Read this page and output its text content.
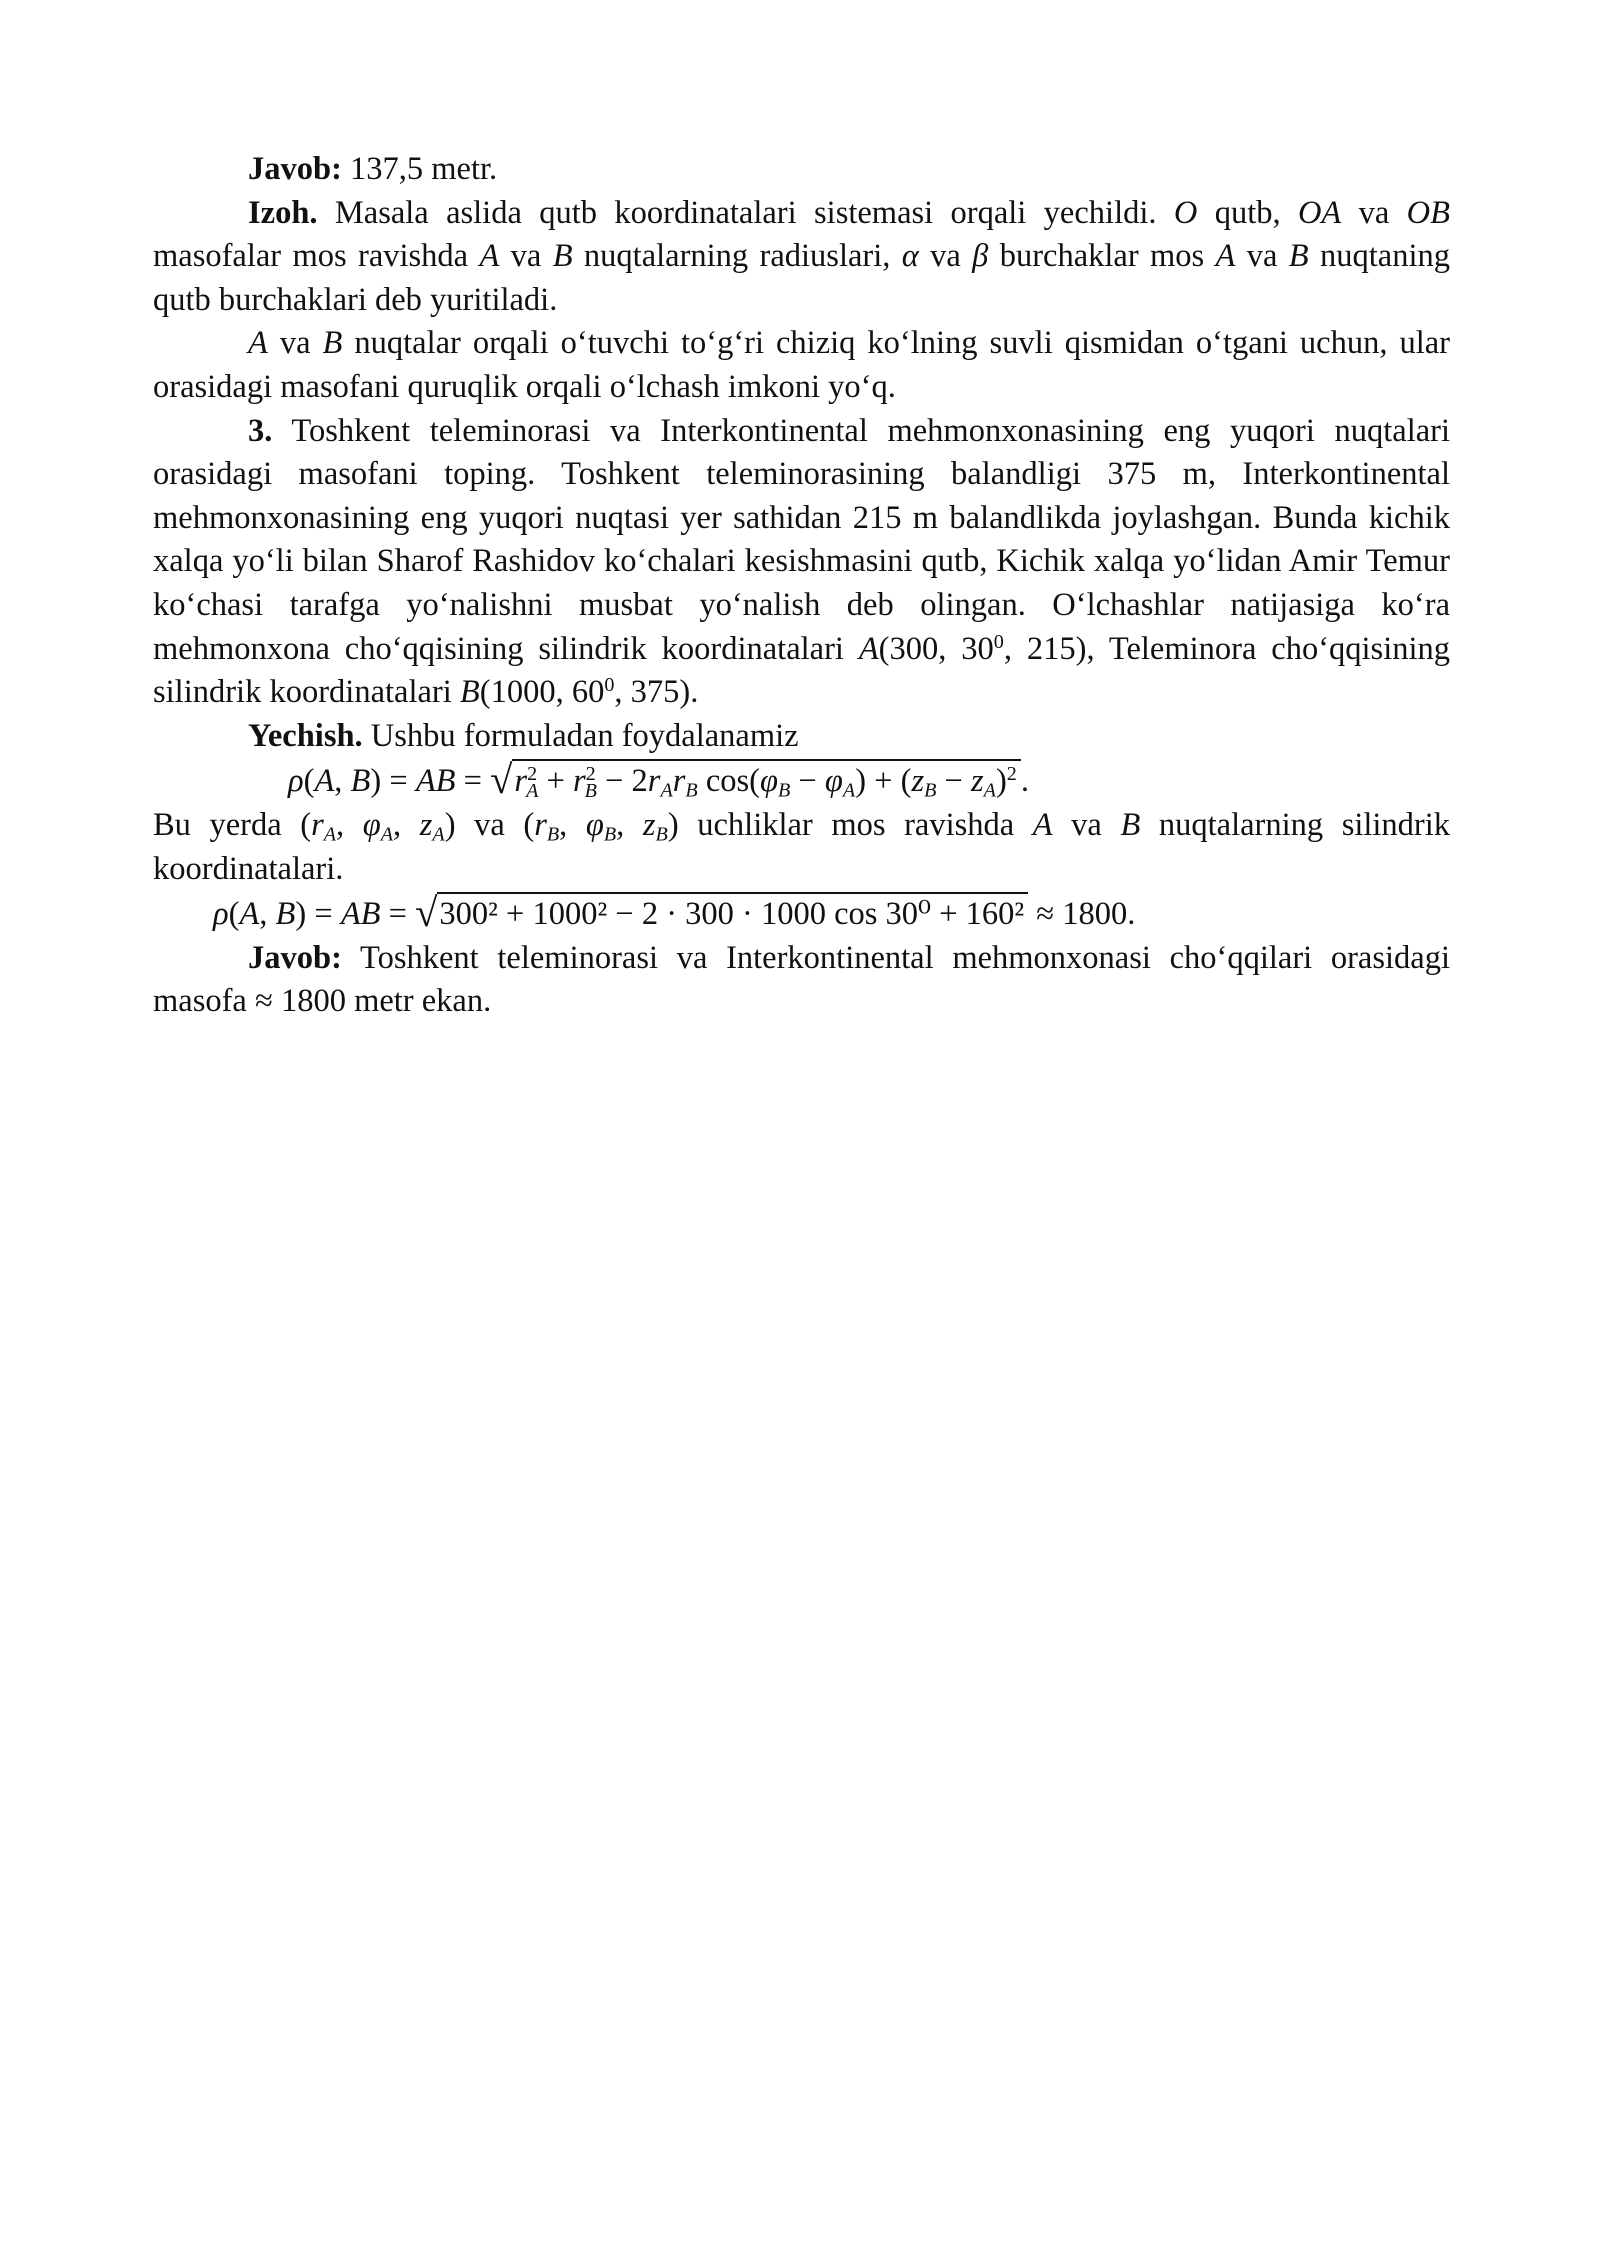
Javob: 137,5 metr.

Izoh. Masala aslida qutb koordinatalari sistemasi orqali yechildi. O qutb, OA va OB masofalar mos ravishda A va B nuqtalarning radiuslari, α va β burchaklar mos A va B nuqtaning qutb burchaklari deb yuritiladi.

A va B nuqtalar orqali o‘tuvchi to‘g‘ri chiziq ko‘lning suvli qismidan o‘tgani uchun, ular orasidagi masofani quruqlik orqali o‘lchash imkoni yo‘q.

3. Toshkent teleminorasi va Interkontinental mehmonxonasining eng yuqori nuqtalari orasidagi masofani toping. Toshkent teleminorasining balandligi 375 m, Interkontinental mehmonxonasining eng yuqori nuqtasi yer sathidan 215 m balandlikda joylashgan. Bunda kichik xalqa yo‘li bilan Sharof Rashidov ko‘chalari kesishmasini qutb, Kichik xalqa yo‘lidan Amir Temur ko‘chasi tarafga yo‘nalishni musbat yo‘nalish deb olingan. O‘lchashlar natijasiga ko‘ra mehmonxona cho‘qqisining silindrik koordinatalari A(300, $30^0$, 215), Teleminora cho‘qqisining silindrik koordinatalari B(1000, $60^0$, 375).

Yechish. Ushbu formuladan foydalanamiz

ρ(A, B) = AB = $√r^2_A + r^2_B - 2r_Ar_B$ $\cos(\varphi_B - \varphi_A) + (z_B - z_A)^2$ .

Bu yerda ($r_A$, $\varphi_A$, $z_A$) va ($r_B$, $\varphi_B$, $z_B$) uchliklar mos ravishda A va B nuqtalarning silindrik koordinatalari.

ρ(A, B) = AB = √300² + 1000² − 2 · 300 · 1000 cos 30⁰ + 160² ≈ 1800.

Javob: Toshkent teleminorasi va Interkontinental mehmonxonasi cho‘qqilari orasidagi masofa ≈ 1800 metr ekan.
